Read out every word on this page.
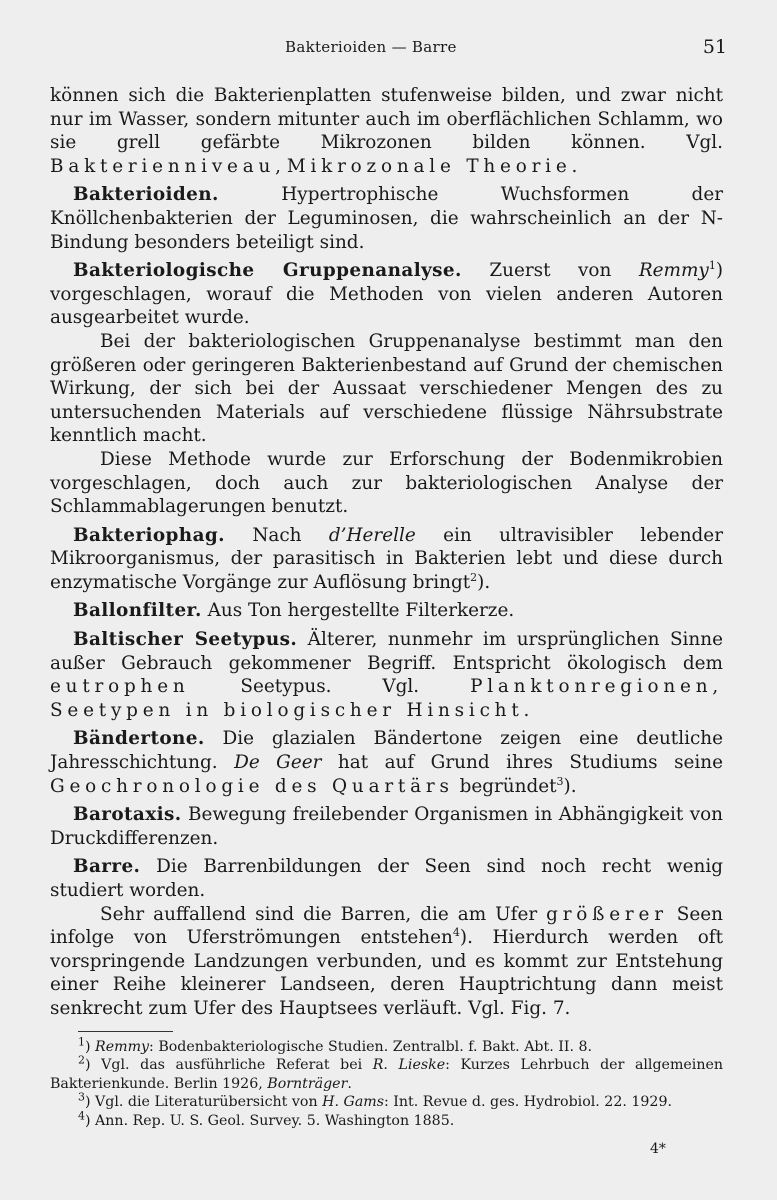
Bakterioiden — Barre	51

können sich die Bakterienplatten stufenweise bilden, und zwar nicht nur im Wasser, sondern mitunter auch im oberflächlichen Schlamm, wo sie grell gefärbte Mikrozonen bilden können. Vgl. Bakterienniveau, Mikrozonale Theorie.

Bakterioiden. Hypertrophische Wuchsformen der Knöllchenbakterien der Leguminosen, die wahrscheinlich an der N-Bindung besonders beteiligt sind.

Bakteriologische Gruppenanalyse. Zuerst von Remmy$^1$) vorgeschlagen, worauf die Methoden von vielen anderen Autoren ausgearbeitet wurde.

Bei der bakteriologischen Gruppenanalyse bestimmt man den größeren oder geringeren Bakterienbestand auf Grund der chemischen Wirkung, der sich bei der Aussaat verschiedener Mengen des zu untersuchenden Materials auf verschiedene flüssige Nährsubstrate kenntlich macht.

Diese Methode wurde zur Erforschung der Bodenmikrobien vorgeschlagen, doch auch zur bakteriologischen Analyse der Schlammablagerungen benutzt.

Bakteriophag. Nach d’Herelle ein ultravisibler lebender Mikroorganismus, der parasitisch in Bakterien lebt und diese durch enzymatische Vorgänge zur Auflösung bringt$^2$).

Ballonfilter. Aus Ton hergestellte Filterkerze.

Baltischer Seetypus. Älterer, nunmehr im ursprünglichen Sinne außer Gebrauch gekommener Begriff. Entspricht ökologisch dem eutrophen Seetypus. Vgl. Planktonregionen, Seetypen in biologischer Hinsicht.

Bändertone. Die glazialen Bändertone zeigen eine deutliche Jahresschichtung. De Geer hat auf Grund ihres Studiums seine Geochronologie des Quartärs begründet$^3$).

Barotaxis. Bewegung freilebender Organismen in Abhängigkeit von Druckdifferenzen.

Barre. Die Barrenbildungen der Seen sind noch recht wenig studiert worden.

Sehr auffallend sind die Barren, die am Ufer größerer Seen infolge von Uferströmungen entstehen$^4$). Hierdurch werden oft vorspringende Landzungen verbunden, und es kommt zur Entstehung einer Reihe kleinerer Landseen, deren Hauptrichtung dann meist senkrecht zum Ufer des Hauptsees verläuft. Vgl. Fig. 7.

$^1$) Remmy: Bodenbakteriologische Studien. Zentralbl. f. Bakt. Abt. II. 8.

$^2$) Vgl. das ausführliche Referat bei R. Lieske: Kurzes Lehrbuch der allgemeinen Bakterienkunde. Berlin 1926, Bornträger.

$^3$) Vgl. die Literaturübersicht von H. Gams: Int. Revue d. ges. Hydrobiol. 22. 1929.

$^4$) Ann. Rep. U. S. Geol. Survey. 5. Washington 1885.

4*
